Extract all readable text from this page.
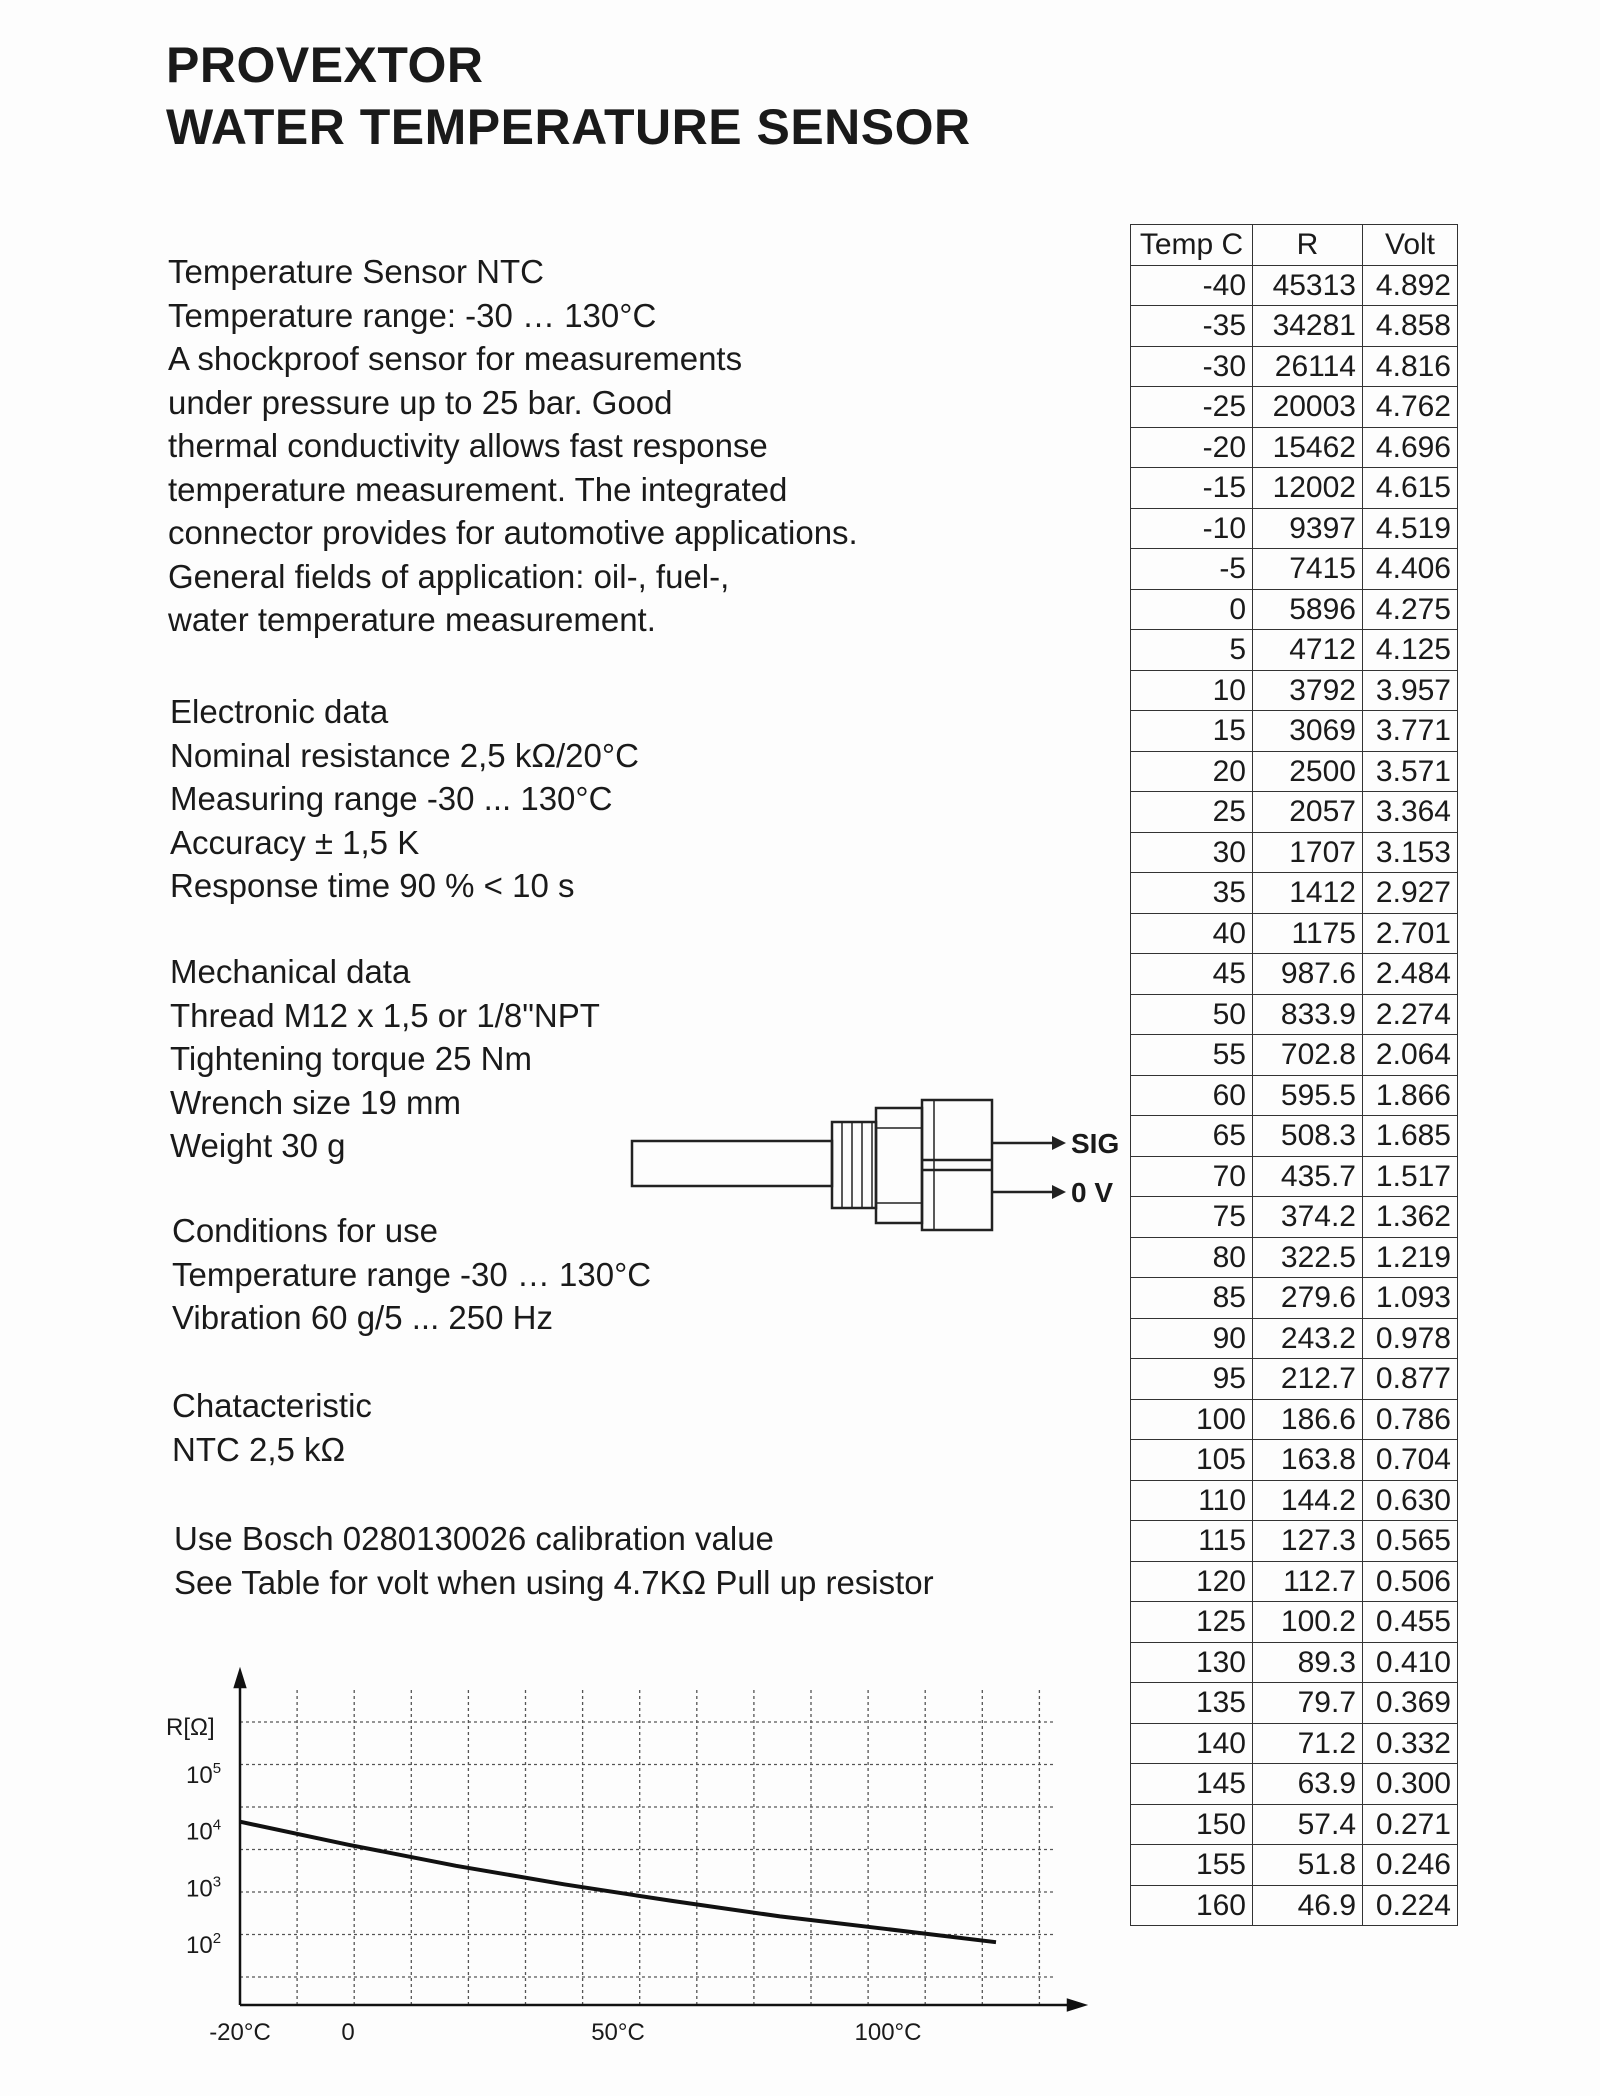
PROVEXTOR
WATER TEMPERATURE SENSOR
Temperature Sensor NTC
Temperature range: -30 … 130°C
A shockproof sensor for measurements
under pressure up to 25 bar. Good
thermal conductivity allows fast response
temperature measurement. The integrated
connector provides for automotive applications.
General fields of application: oil-, fuel-,
water temperature measurement.
Electronic data
Nominal resistance 2,5 kΩ/20°C
Measuring range -30 ... 130°C
Accuracy ± 1,5 K
Response time 90 % < 10 s
Mechanical data
Thread M12 x 1,5 or 1/8"NPT
Tightening torque 25 Nm
Wrench size 19 mm
Weight 30 g
Conditions for use
Temperature range -30 … 130°C
Vibration 60 g/5 ... 250 Hz
Chatacteristic
NTC 2,5 kΩ
Use Bosch 0280130026 calibration value
See Table for volt when using 4.7KΩ Pull up resistor
SIG
0 V
$10^5$
$10^4$
$10^3$
$10^2$
-20°C	0	50°C	100°C
R[Ω]
Temp C	R	Volt
-40	45313	4.892
-35	34281	4.858
-30	26114	4.816
-25	20003	4.762
-20	15462	4.696
-15	12002	4.615
-10	9397	4.519
-5	7415	4.406
0	5896	4.275
5	4712	4.125
10	3792	3.957
15	3069	3.771
20	2500	3.571
25	2057	3.364
30	1707	3.153
35	1412	2.927
40	1175	2.701
45	987.6	2.484
50	833.9	2.274
55	702.8	2.064
60	595.5	1.866
65	508.3	1.685
70	435.7	1.517
75	374.2	1.362
80	322.5	1.219
85	279.6	1.093
90	243.2	0.978
95	212.7	0.877
100	186.6	0.786
105	163.8	0.704
110	144.2	0.630
115	127.3	0.565
120	112.7	0.506
125	100.2	0.455
130	89.3	0.410
135	79.7	0.369
140	71.2	0.332
145	63.9	0.300
150	57.4	0.271
155	51.8	0.246
160	46.9	0.224
